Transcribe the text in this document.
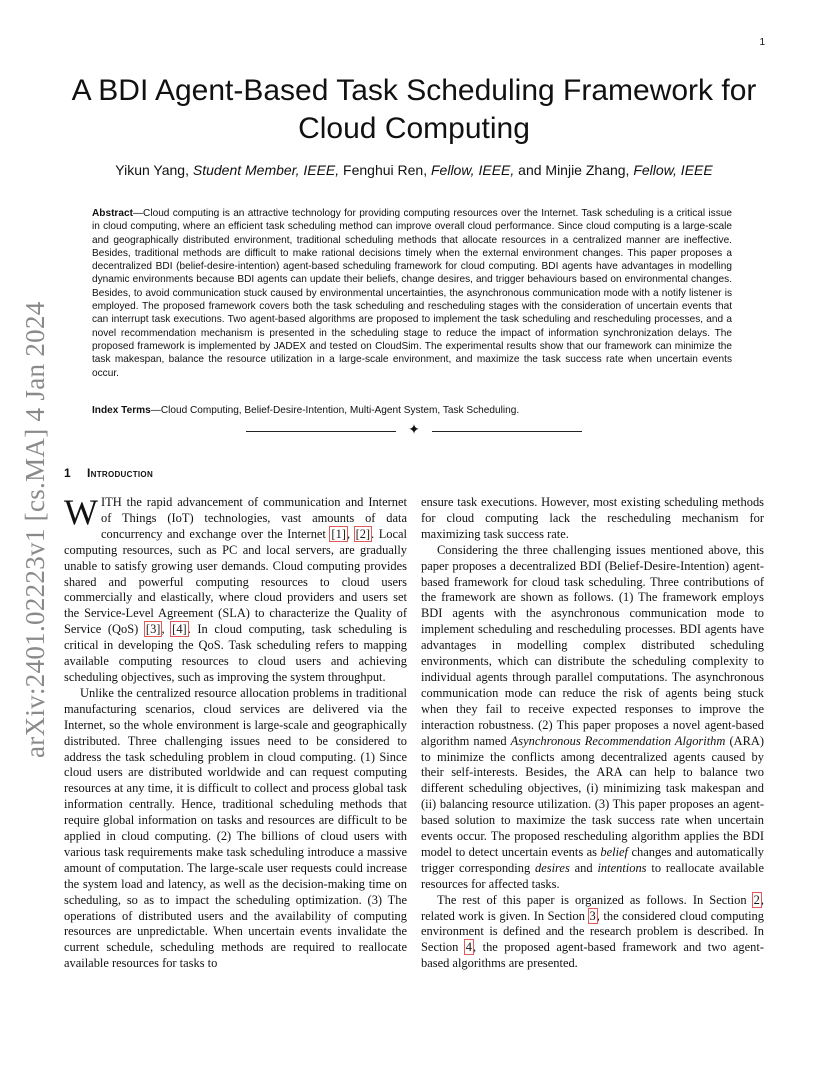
1
arXiv:2401.02223v1 [cs.MA] 4 Jan 2024
A BDI Agent-Based Task Scheduling Framework for Cloud Computing
Yikun Yang, Student Member, IEEE, Fenghui Ren, Fellow, IEEE, and Minjie Zhang, Fellow, IEEE

Abstract—Cloud computing is an attractive technology for providing computing resources over the Internet. Task scheduling is a critical issue in cloud computing, where an efficient task scheduling method can improve overall cloud performance. Since cloud computing is a large-scale and geographically distributed environment, traditional scheduling methods that allocate resources in a centralized manner are ineffective. Besides, traditional methods are difficult to make rational decisions timely when the external environment changes. This paper proposes a decentralized BDI (belief-desire-intention) agent-based scheduling framework for cloud computing. BDI agents have advantages in modelling dynamic environments because BDI agents can update their beliefs, change desires, and trigger behaviours based on environmental changes. Besides, to avoid communication stuck caused by environmental uncertainties, the asynchronous communication mode with a notify listener is employed. The proposed framework covers both the task scheduling and rescheduling stages with the consideration of uncertain events that can interrupt task executions. Two agent-based algorithms are proposed to implement the task scheduling and rescheduling processes, and a novel recommendation mechanism is presented in the scheduling stage to reduce the impact of information synchronization delays. The proposed framework is implemented by JADEX and tested on CloudSim. The experimental results show that our framework can minimize the task makespan, balance the resource utilization in a large-scale environment, and maximize the task success rate when uncertain events occur.

Index Terms—Cloud Computing, Belief-Desire-Intention, Multi-Agent System, Task Scheduling.
✦
1 Introduction

WITH the rapid advancement of communication and Internet of Things (IoT) technologies, vast amounts of data concurrency and exchange over the Internet [1], [2]. Local computing resources, such as PC and local servers, are gradually unable to satisfy growing user demands. Cloud computing provides shared and powerful computing resources to cloud users commercially and elastically, where cloud providers and users set the Service-Level Agreement (SLA) to characterize the Quality of Service (QoS) [3], [4]. In cloud computing, task scheduling is critical in developing the QoS. Task scheduling refers to mapping available computing resources to cloud users and achieving scheduling objectives, such as improving the system throughput.

Unlike the centralized resource allocation problems in traditional manufacturing scenarios, cloud services are delivered via the Internet, so the whole environment is large-scale and geographically distributed. Three challenging issues need to be considered to address the task scheduling problem in cloud computing. (1) Since cloud users are distributed worldwide and can request computing resources at any time, it is difficult to collect and process global task information centrally. Hence, traditional scheduling methods that require global information on tasks and resources are difficult to be applied in cloud computing. (2) The billions of cloud users with various task requirements make task scheduling introduce a massive amount of computation. The large-scale user requests could increase the system load and latency, as well as the decision-making time on scheduling, so as to impact the scheduling optimization. (3) The operations of distributed users and the availability of computing resources are unpredictable. When uncertain events invalidate the current schedule, scheduling methods are required to reallocate available resources for tasks to

ensure task executions. However, most existing scheduling methods for cloud computing lack the rescheduling mechanism for maximizing task success rate.

Considering the three challenging issues mentioned above, this paper proposes a decentralized BDI (Belief-Desire-Intention) agent-based framework for cloud task scheduling. Three contributions of the framework are shown as follows. (1) The framework employs BDI agents with the asynchronous communication mode to implement scheduling and rescheduling processes. BDI agents have advantages in modelling complex distributed scheduling environments, which can distribute the scheduling complexity to individual agents through parallel computations. The asynchronous communication mode can reduce the risk of agents being stuck when they fail to receive expected responses to improve the interaction robustness. (2) This paper proposes a novel agent-based algorithm named Asynchronous Recommendation Algorithm (ARA) to minimize the conflicts among decentralized agents caused by their self-interests. Besides, the ARA can help to balance two different scheduling objectives, (i) minimizing task makespan and (ii) balancing resource utilization. (3) This paper proposes an agent-based solution to maximize the task success rate when uncertain events occur. The proposed rescheduling algorithm applies the BDI model to detect uncertain events as belief changes and automatically trigger corresponding desires and intentions to reallocate available resources for affected tasks.

The rest of this paper is organized as follows. In Section 2, related work is given. In Section 3, the considered cloud computing environment is defined and the research problem is described. In Section 4, the proposed agent-based framework and two agent-based algorithms are presented.
